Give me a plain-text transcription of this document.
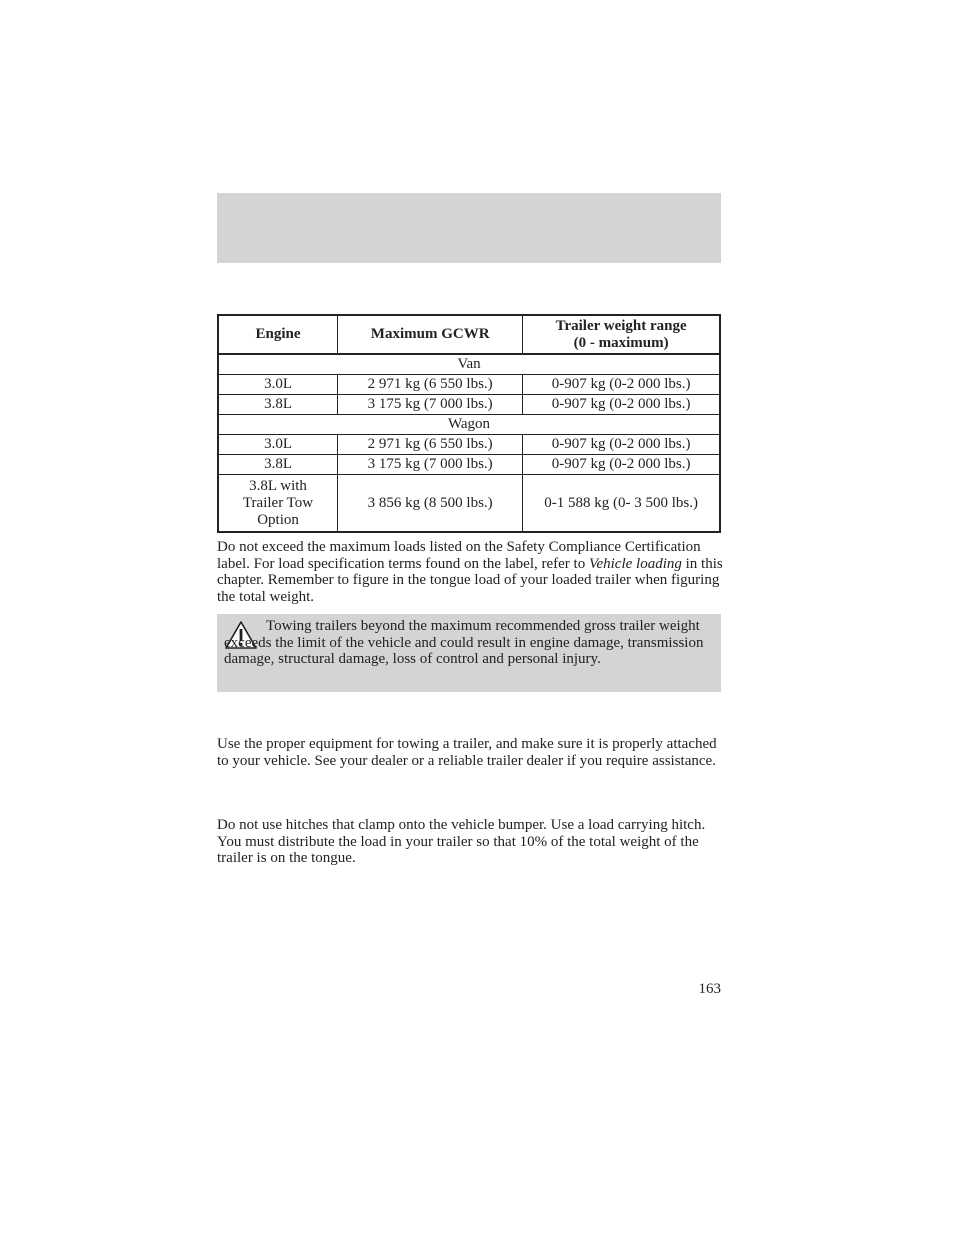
Engine	Maximum GCWR	Trailer weight range
(0 - maximum)
Van		
3.0L	2 971 kg (6 550 lbs.)	0-907 kg (0-2 000 lbs.)
3.8L	3 175 kg (7 000 lbs.)	0-907 kg (0-2 000 lbs.)
Wagon		
3.0L	2 971 kg (6 550 lbs.)	0-907 kg (0-2 000 lbs.)
3.8L	3 175 kg (7 000 lbs.)	0-907 kg (0-2 000 lbs.)
3.8L with
Trailer Tow
Option	3 856 kg (8 500 lbs.)	0-1 588 kg (0- 3 500 lbs.)

Do not exceed the maximum loads listed on the Safety Compliance Certification label. For load specification terms found on the label, refer to Vehicle loading in this chapter. Remember to figure in the tongue load of your loaded trailer when figuring the total weight.

Towing trailers beyond the maximum recommended gross trailer weight exceeds the limit of the vehicle and could result in engine damage, transmission damage, structural damage, loss of control and personal injury.

Use the proper equipment for towing a trailer, and make sure it is properly attached to your vehicle. See your dealer or a reliable trailer dealer if you require assistance.

Do not use hitches that clamp onto the vehicle bumper. Use a load carrying hitch. You must distribute the load in your trailer so that 10% of the total weight of the trailer is on the tongue.

163
